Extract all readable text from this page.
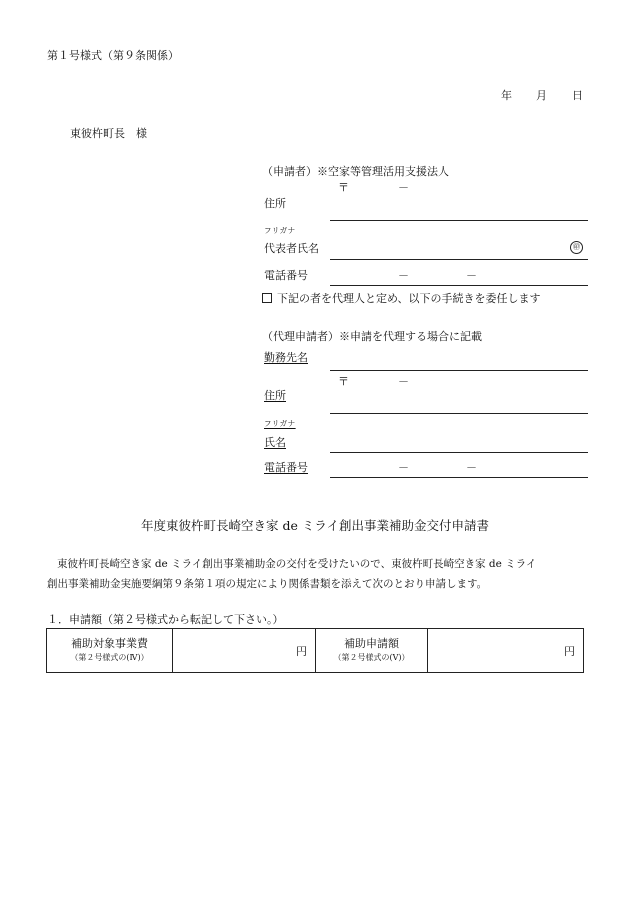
第１号様式（第９条関係）
年 月 日
東彼杵町長　様
（申請者）※空家等管理活用支援法人
〒	－
住所
フリガナ
代表者氏名	㊞
電話番号	－	－
下記の者を代理人と定め、以下の手続きを委任します
（代理申請者）※申請を代理する場合に記載
勤務先名
〒	－
住所
フリガナ
氏名
電話番号	－	－
年度東彼杵町長崎空き家 de ミライ創出事業補助金交付申請書
東彼杵町長崎空き家 de ミライ創出事業補助金の交付を受けたいので、東彼杵町長崎空き家 de ミライ
創出事業補助金実施要綱第９条第１項の規定により関係書類を添えて次のとおり申請します。
１．申請額（第２号様式から転記して下さい。）
補助対象事業費
（第２号様式の(Ⅳ)）	円	
補助申請額
（第２号様式の(Ⅴ)）	円
